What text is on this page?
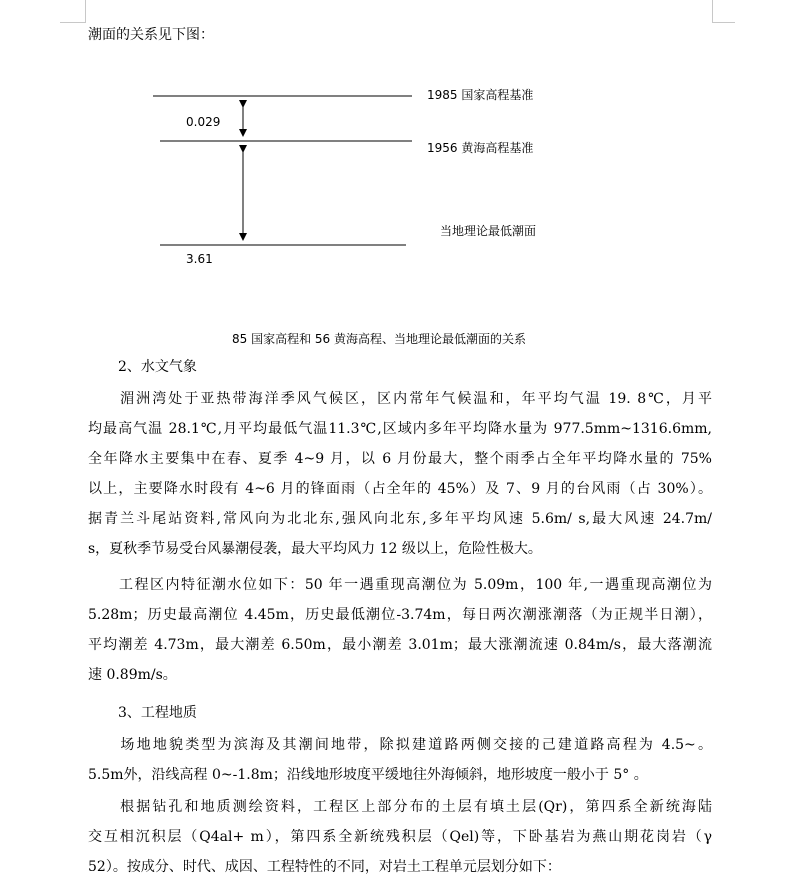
潮面的关系见下图：
1985 国家高程基准
1956 黄海高程基准
当地理论最低潮面
0.029
3.61
85 国家高程和 56 黄海高程、当地理论最低潮面的关系
2、水文气象
　　湄洲湾处于亚热带海洋季风气候区，区内常年气候温和，年平均气温 19. 8℃，月平
均最高气温 28.1℃,月平均最低气温11.3℃,区域内多年平均降水量为 977.5mm~1316.6mm,
全年降水主要集中在春、夏季 4~9 月，以 6 月份最大，整个雨季占全年平均降水量的 75%
以上，主要降水时段有 4~6 月的锋面雨（占全年的 45%）及 7、9 月的台风雨（占 30%）。
据青兰斗尾站资料,常风向为北北东,强风向北东,多年平均风速 5.6m/ s,最大风速 24.7m/
s，夏秋季节易受台风暴潮侵袭，最大平均风力 12 级以上，危险性极大。
　　工程区内特征潮水位如下：50 年一遇重现高潮位为 5.09m，100 年,一遇重现高潮位为
5.28m；历史最高潮位 4.45m，历史最低潮位-3.74m，每日两次潮涨潮落（为正规半日潮），
平均潮差 4.73m，最大潮差 6.50m，最小潮差 3.01m；最大涨潮流速 0.84m/s，最大落潮流
速 0.89m/s。
3、工程地质
　　场地地貌类型为滨海及其潮间地带，除拟建道路两侧交接的己建道路高程为 4.5~。
5.5m外，沿线高程 0~-1.8m；沿线地形坡度平缓地往外海倾斜，地形坡度一般小于 5° 。
　　根据钻孔和地质测绘资料，工程区上部分布的土层有填土层(Qr)，第四系全新统海陆
交互相沉积层（Q4al+ m），第四系全新统残积层（Qel)等，下卧基岩为燕山期花岗岩（γ
52）。按成分、时代、成因、工程特性的不同，对岩土工程单元层划分如下：
